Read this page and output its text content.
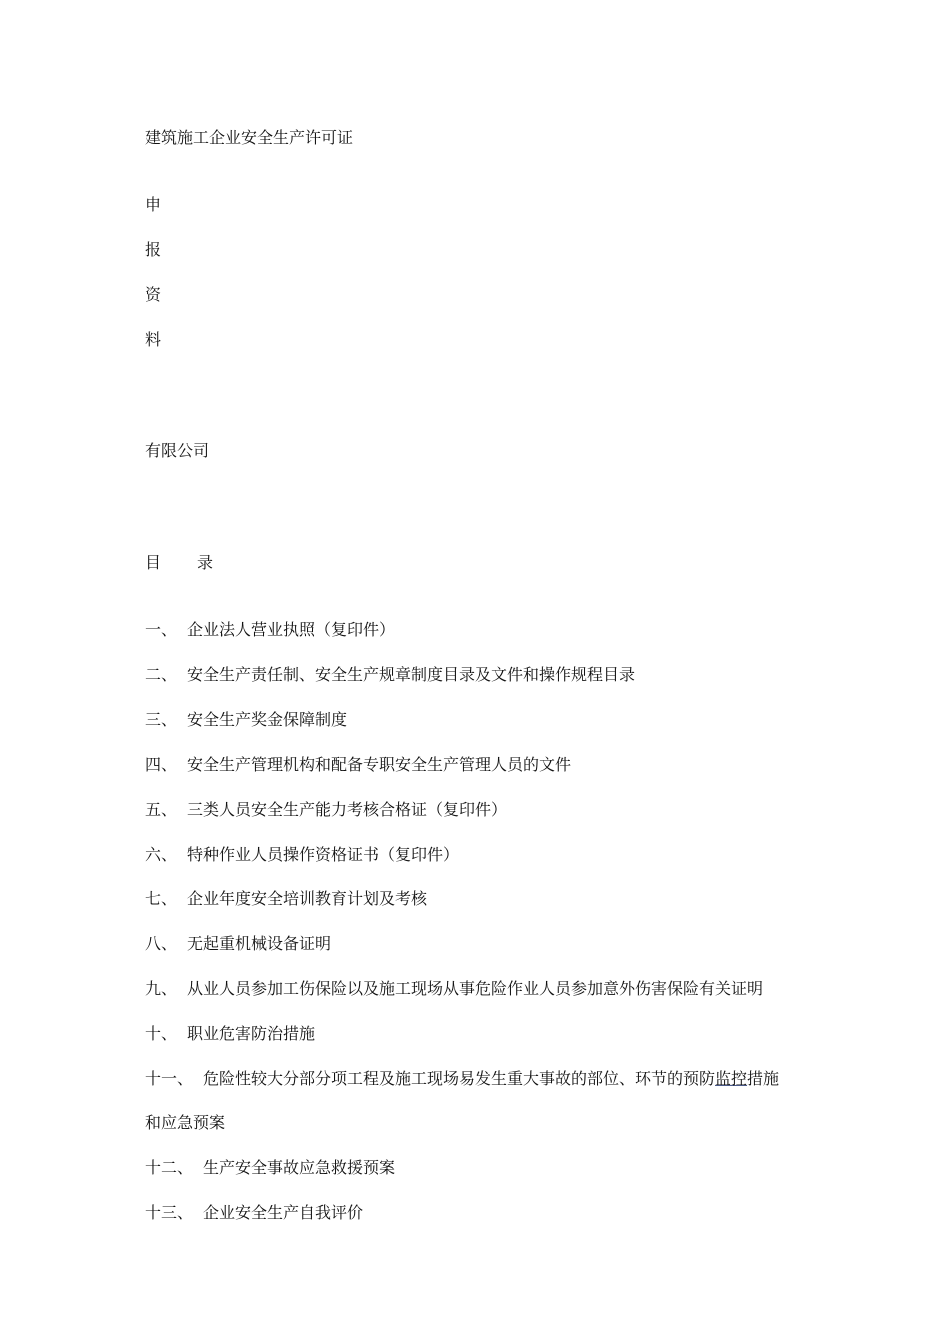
建筑施工企业安全生产许可证
申
报
资
料
有限公司
目 录
一、 企业法人营业执照（复印件）
二、 安全生产责任制、安全生产规章制度目录及文件和操作规程目录
三、 安全生产奖金保障制度
四、 安全生产管理机构和配备专职安全生产管理人员的文件
五、 三类人员安全生产能力考核合格证（复印件）
六、 特种作业人员操作资格证书（复印件）
七、 企业年度安全培训教育计划及考核
八、 无起重机械设备证明
九、 从业人员参加工伤保险以及施工现场从事危险作业人员参加意外伤害保险有关证明
十、 职业危害防治措施
十一、 危险性较大分部分项工程及施工现场易发生重大事故的部位、环节的预防监控措施
和应急预案
十二、 生产安全事故应急救援预案
十三、 企业安全生产自我评价
